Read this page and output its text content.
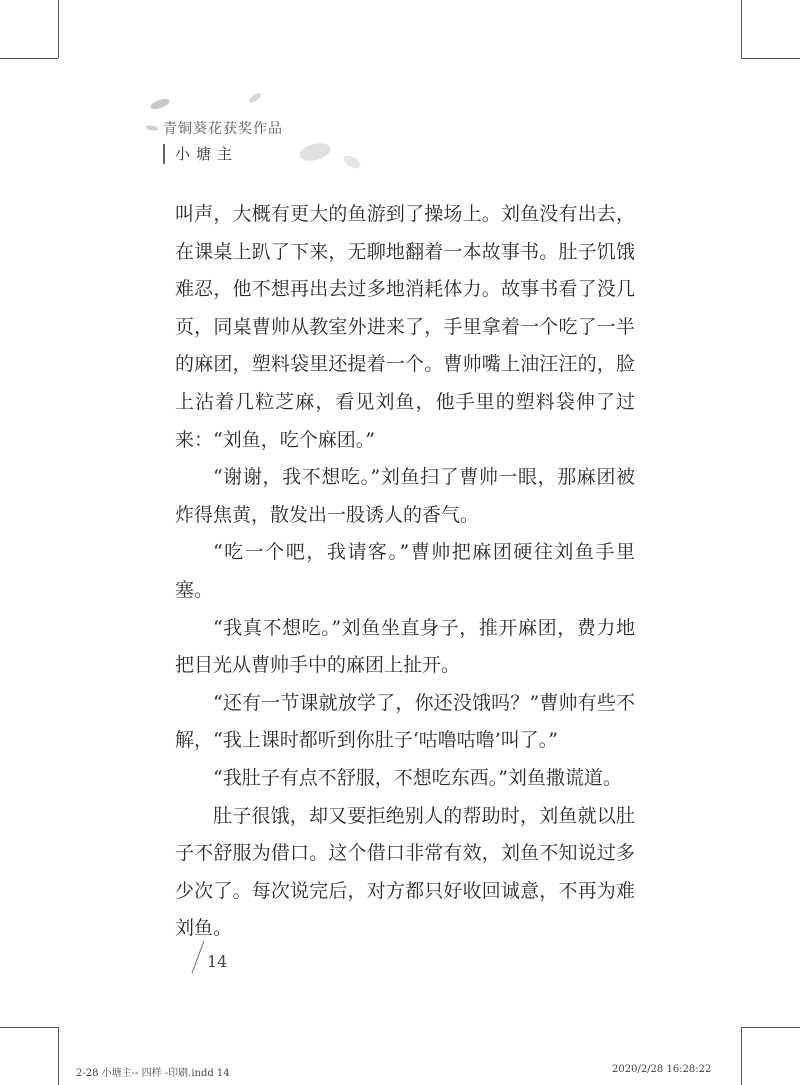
青铜葵花获奖作品
小塘主

叫声，大概有更大的鱼游到了操场上。刘鱼没有出去，在课桌上趴了下来，无聊地翻着一本故事书。肚子饥饿难忍，他不想再出去过多地消耗体力。故事书看了没几页，同桌曹帅从教室外进来了，手里拿着一个吃了一半的麻团，塑料袋里还提着一个。曹帅嘴上油汪汪的，脸上沾着几粒芝麻，看见刘鱼，他手里的塑料袋伸了过来：“刘鱼，吃个麻团。”

“谢谢，我不想吃。”刘鱼扫了曹帅一眼，那麻团被炸得焦黄，散发出一股诱人的香气。

“吃一个吧，我请客。”曹帅把麻团硬往刘鱼手里塞。

“我真不想吃。”刘鱼坐直身子，推开麻团，费力地把目光从曹帅手中的麻团上扯开。

“还有一节课就放学了，你还没饿吗？”曹帅有些不解，“我上课时都听到你肚子‘咕噜咕噜’叫了。”

“我肚子有点不舒服，不想吃东西。”刘鱼撒谎道。

肚子很饿，却又要拒绝别人的帮助时，刘鱼就以肚子不舒服为借口。这个借口非常有效，刘鱼不知说过多少次了。每次说完后，对方都只好收回诚意，不再为难刘鱼。

14
2-28 小塘主-- 四样 -印刷.indd 14	2020/2/28 16:28:22
